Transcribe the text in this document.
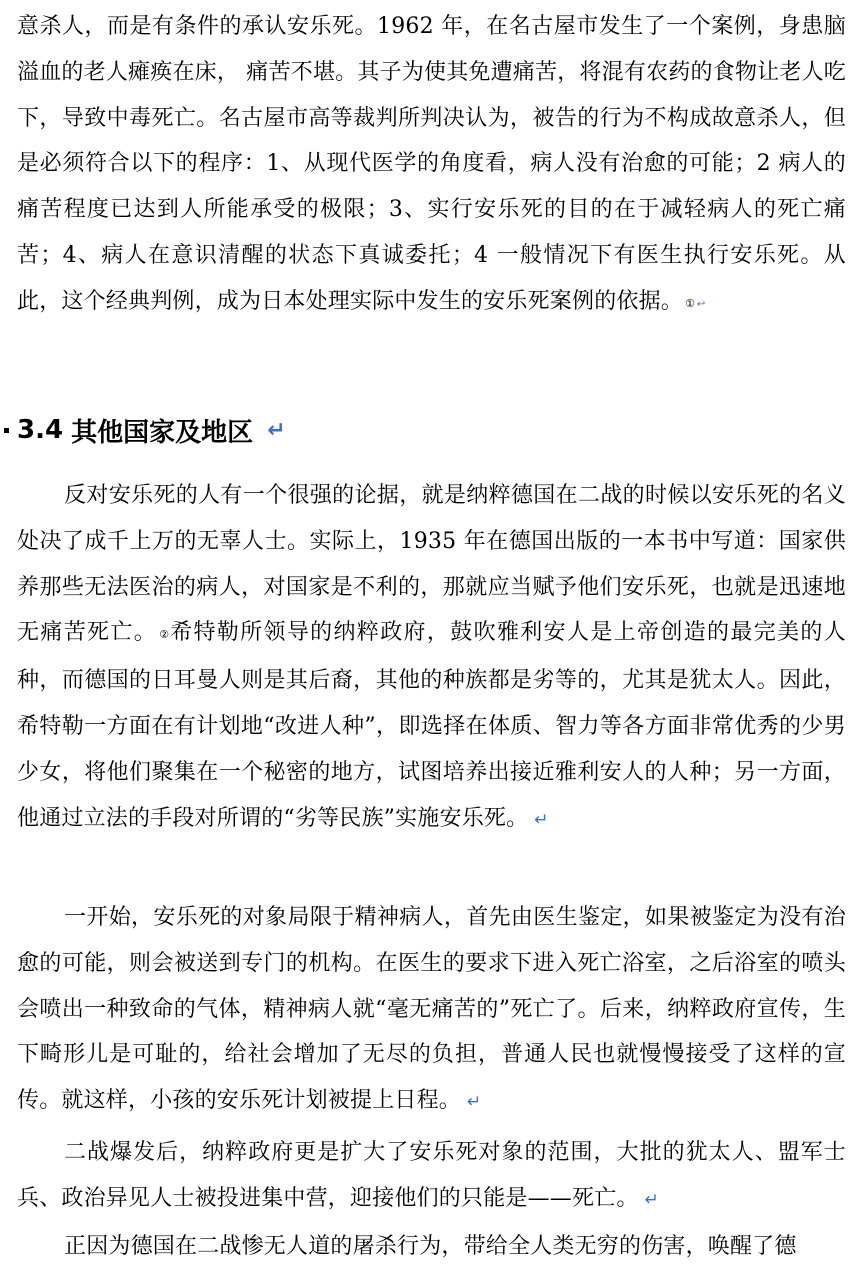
意杀人，而是有条件的承认安乐死。1962 年，在名古屋市发生了一个案例，身患脑溢血的老人瘫痪在床， 痛苦不堪。其子为使其免遭痛苦，将混有农药的食物让老人吃下，导致中毒死亡。名古屋市高等裁判所判决认为，被告的行为不构成故意杀人，但是必须符合以下的程序：1、从现代医学的角度看，病人没有治愈的可能；2 病人的痛苦程度已达到人所能承受的极限；3、实行安乐死的目的在于减轻病人的死亡痛苦；4、病人在意识清醒的状态下真诚委托；4 一般情况下有医生执行安乐死。从此，这个经典判例，成为日本处理实际中发生的安乐死案例的依据。 ① ↩

3.4 其他国家及地区 ↵

反对安乐死的人有一个很强的论据，就是纳粹德国在二战的时候以安乐死的名义处决了成千上万的无辜人士。实际上，1935 年在德国出版的一本书中写道：国家供养那些无法医治的病人，对国家是不利的，那就应当赋予他们安乐死，也就是迅速地无痛苦死亡。 ②希特勒所领导的纳粹政府，鼓吹雅利安人是上帝创造的最完美的人种，而德国的日耳曼人则是其后裔，其他的种族都是劣等的，尤其是犹太人。因此，希特勒一方面在有计划地“改进人种”，即选择在体质、智力等各方面非常优秀的少男少女，将他们聚集在一个秘密的地方，试图培养出接近雅利安人的人种；另一方面，他通过立法的手段对所谓的“劣等民族”实施安乐死。 ↵

一开始，安乐死的对象局限于精神病人，首先由医生鉴定，如果被鉴定为没有治愈的可能，则会被送到专门的机构。在医生的要求下进入死亡浴室，之后浴室的喷头会喷出一种致命的气体，精神病人就“毫无痛苦的”死亡了。后来，纳粹政府宣传，生下畸形儿是可耻的，给社会增加了无尽的负担，普通人民也就慢慢接受了这样的宣传。就这样，小孩的安乐死计划被提上日程。 ↵

二战爆发后，纳粹政府更是扩大了安乐死对象的范围，大批的犹太人、盟军士兵、政治异见人士被投进集中营，迎接他们的只能是——死亡。 ↵

正因为德国在二战惨无人道的屠杀行为，带给全人类无穷的伤害，唤醒了德
